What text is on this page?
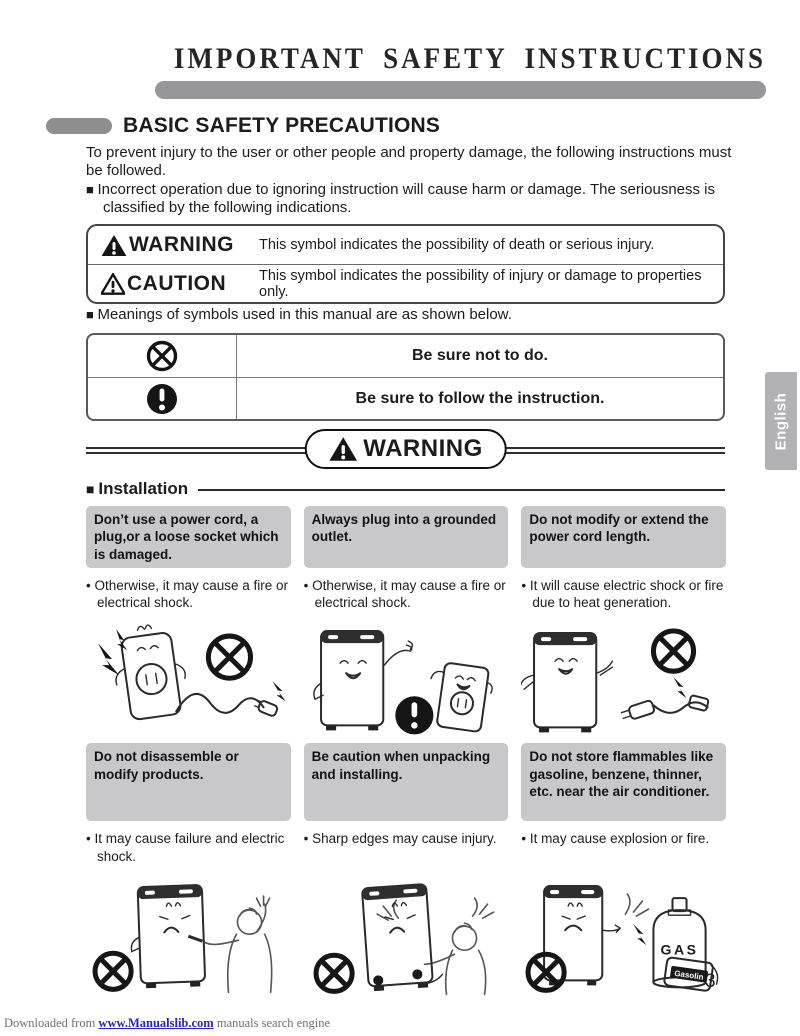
IMPORTANT SAFETY INSTRUCTIONS
BASIC SAFETY PRECAUTIONS

To prevent injury to the user or other people and property damage, the following instructions must be followed.

■ Incorrect operation due to ignoring instruction will cause harm or damage. The seriousness is classified by the following indications.

WARNING This symbol indicates the possibility of death or serious injury.
CAUTION This symbol indicates the possibility of injury or damage to properties only.

■ Meanings of symbols used in this manual are as shown below.

Be sure not to do.
Be sure to follow the instruction.
WARNING
■ Installation
Don’t use a power cord, a plug,or a loose socket which is damaged.
• Otherwise, it may cause a fire or electrical shock.
Always plug into a grounded outlet.
• Otherwise, it may cause a fire or electrical shock.
Do not modify or extend the power cord length.
• It will cause electric shock or fire due to heat generation.
Do not disassemble or modify products.
• It may cause failure and electric shock.
Be caution when unpacking and installing.
• Sharp edges may cause injury.
Do not store flammables like gasoline, benzene, thinner, etc. near the air conditioner.
• It may cause explosion or fire.
GAS
Gasolin
English
3
Downloaded from www.Manualslib.com manuals search engine
